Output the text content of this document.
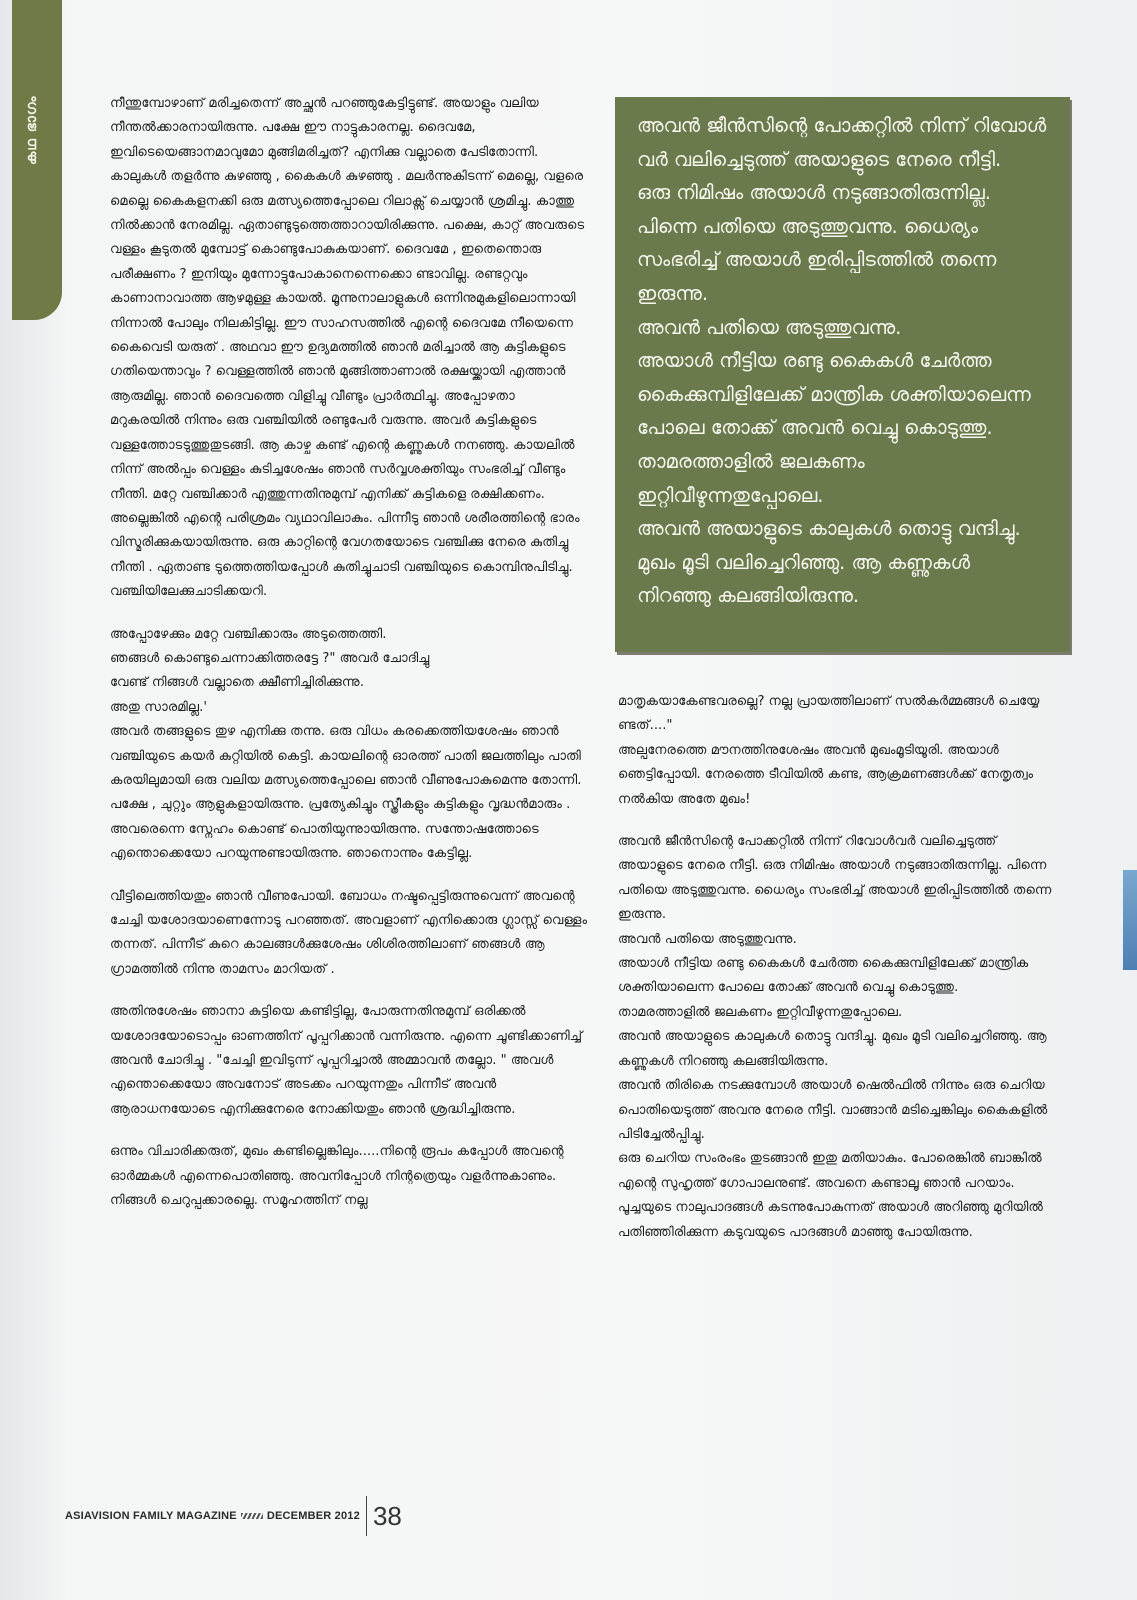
കഥ ഭാഗം	നീന്തുമ്പോഴാണ് മരിച്ചതെന്ന് അച്ഛൻ പറഞ്ഞുകേട്ടിട്ടുണ്ട്. അയാളും വലിയ നീന്തൽക്കാരനായിരുന്നു. പക്ഷേ ഈ നാട്ടുകാരനല്ല. ദൈവമേ, ഇവിടെയെങ്ങാനമാവുമോ മുങ്ങിമരിച്ചത്? എനിക്കു വല്ലാതെ പേടിതോന്നി. കാലുകൾ തളർന്നു കുഴഞ്ഞു , കൈകൾ കുഴഞ്ഞു . മലർന്നുകിടന്ന് മെല്ലെ, വളരെ മെല്ലെ കൈകളനക്കി ഒരു മത്സ്യത്തെപ്പോലെ റിലാക്സ് ചെയ്യാൻ ശ്രമിച്ചു. കാത്തു നിൽക്കാൻ നേരമില്ല. ഏതാണ്ടുടുത്തെത്താറായിരിക്കുന്നു. പക്ഷെ, കാറ്റ് അവരുടെ വള്ളം കൂടുതൽ മുമ്പോട്ട് കൊണ്ടുപോകുകയാണ്. ദൈവമേ , ഇതെന്തൊരു പരീക്ഷണം ? ഇനിയും മുന്നോട്ടുപോകാനെന്നെക്കൊ ണ്ടാവില്ല. രണ്ടറ്റവും കാണാനാവാത്ത ആഴമുള്ള കായൽ. മൂന്നുനാലാളുകൾ ഒന്നിനുമുകളിലൊന്നായി നിന്നാൽ പോലും നിലകിട്ടില്ല. ഈ സാഹസത്തിൽ എന്റെ ദൈവമേ നീയെന്നെ കൈവെടി യരുത് . അഥവാ ഈ ഉദ്യമത്തിൽ ഞാൻ മരിച്ചാൽ ആ കുട്ടികളുടെ ഗതിയെന്താവും ? വെള്ളത്തിൽ ഞാൻ മുങ്ങിത്താണാൽ രക്ഷയ്ക്കായി എത്താൻ ആരുമില്ല. ഞാൻ ദൈവത്തെ വിളിച്ചു വീണ്ടും പ്രാർത്ഥിച്ചു. അപ്പോഴതാ മറുകരയിൽ നിന്നും ഒരു വഞ്ചിയിൽ രണ്ടുപേർ വരുന്നു. അവർ കുട്ടികളുടെ വള്ളത്തോടടുത്തുതുടങ്ങി. ആ കാഴ്ച കണ്ട് എന്റെ കണ്ണുകൾ നനഞ്ഞു. കായലിൽ നിന്ന് അൽപ്പം വെള്ളം കുടിച്ചശേഷം ഞാൻ സർവ്വശക്തിയും സംഭരിച്ച് വീണ്ടും നീന്തി. മറ്റേ വഞ്ചിക്കാർ എത്തുന്നതിനുമുമ്പ് എനിക്ക് കുട്ടികളെ രക്ഷിക്കണം. അല്ലെങ്കിൽ എന്റെ പരിശ്രമം വ്യഥാവിലാകും. പിന്നീടു ഞാൻ ശരീരത്തിന്റെ ഭാരം വിസ്മരിക്കുകയായിരുന്നു. ഒരു കാറ്റിന്റെ വേഗതയോടെ വഞ്ചിക്കു നേരെ കുതിച്ചു നീന്തി . ഏതാണ്ട ടുത്തെത്തിയപ്പോൾ കുതിച്ചുചാടി വഞ്ചിയുടെ കൊമ്പിനുപിടിച്ചു. വഞ്ചിയിലേക്കുചാടിക്കയറി.

അപ്പോഴേക്കും മറ്റേ വഞ്ചിക്കാരും അടുത്തെത്തി.
ഞങ്ങൾ കൊണ്ടുചെന്നാക്കിത്തരട്ടേ ?" അവർ ചോദിച്ചു
വേണ്ട് നിങ്ങൾ വല്ലാതെ ക്ഷീണിച്ചിരിക്കുന്നു.
അതു സാരമില്ല.'
അവർ തങ്ങളുടെ തുഴ എനിക്കു തന്നു. ഒരു വിധം കരക്കെത്തിയശേഷം ഞാൻ വഞ്ചിയുടെ കയർ കുറ്റിയിൽ കെട്ടി. കായലിന്റെ ഓരത്ത് പാതി ജലത്തിലും പാതി കരയിലുമായി ഒരു വലിയ മത്സ്യത്തെപ്പോലെ ഞാൻ വീണുപോകുമെന്നു തോന്നി. പക്ഷേ , ചുറ്റും ആളുകളായിരുന്നു. പ്രത്യേകിച്ചും സ്ത്രീകളും കുട്ടികളും വൃദ്ധൻമാരും . അവരെന്നെ സ്നേഹം കൊണ്ട് പൊതിയുന്നുായിരുന്നു. സന്തോഷത്തോടെ എന്തൊക്കെയോ പറയുന്നുണ്ടായിരുന്നു. ഞാനൊന്നും കേട്ടില്ല.

വീട്ടിലെത്തിയതും ഞാൻ വീണുപോയി. ബോധം നഷ്ടപ്പെട്ടിരുന്നുവെന്ന് അവന്റെ ചേച്ചി യശോദയാണെന്നോടു പറഞ്ഞത്. അവളാണ് എനിക്കൊരു ഗ്ലാസ്സ് വെള്ളം തന്നത്. പിന്നീട് കുറെ കാലങ്ങൾക്കുശേഷം ശിശിരത്തിലാണ് ഞങ്ങൾ ആ ഗ്രാമത്തിൽ നിന്നു താമസം മാറിയത് .

അതിനുശേഷം ഞാനാ കുട്ടിയെ കണ്ടിട്ടില്ല, പോരുന്നതിനുമുമ്പ് ഒരിക്കൽ യശോദയോടൊപ്പം ഓണത്തിന് പൂപ്പറിക്കാൻ വന്നിരുന്നു. എന്നെ ചൂണ്ടിക്കാണിച്ച് അവൻ ചോദിച്ചു . "ചേച്ചി ഇവിടുന്ന് പൂപ്പറിച്ചാൽ അമ്മാവൻ തല്ലോ. " അവൾ എന്തൊക്കെയോ അവനോട് അടക്കം പറയുന്നതും പിന്നീട് അവൻ ആരാധനയോടെ എനിക്കുനേരെ നോക്കിയതും ഞാൻ ശ്രദ്ധിച്ചിരുന്നു.

ഒന്നും വിചാരിക്കരുത്, മുഖം കണ്ടില്ലെങ്കിലും.....നിന്റെ രൂപം കപ്പോൾ അവന്റെ ഓർമ്മകൾ എന്നെപൊതിഞ്ഞു. അവനിപ്പോൾ നിന്റത്രെയും വളർന്നുകാണും. നിങ്ങൾ ചെറുപ്പക്കാരല്ലെ. സമൂഹത്തിന് നല്ല

അവൻ ജീൻസിന്റെ പോക്കറ്റിൽ നിന്ന് റിവോൾ
വർ വലിച്ചെടുത്ത് അയാളുടെ നേരെ നീട്ടി.
ഒരു നിമിഷം അയാൾ നടുങ്ങാതിരുന്നില്ല.
പിന്നെ പതിയെ അടുത്തുവന്നു. ധൈര്യം
സംഭരിച്ച് അയാൾ ഇരിപ്പിടത്തിൽ തന്നെ
ഇരുന്നു.
അവൻ പതിയെ അടുത്തുവന്നു.
അയാൾ നീട്ടിയ രണ്ടു കൈകൾ ചേർത്ത
കൈക്കുമ്പിളിലേക്ക് മാന്ത്രിക ശക്തിയാലെന്ന
പോലെ തോക്ക് അവൻ വെച്ചു കൊടുത്തു.
താമരത്താളിൽ ജലകണം
ഇറ്റിവീഴുന്നതുപ്പോലെ.
അവൻ അയാളുടെ കാലുകൾ തൊട്ടു വന്ദിച്ചു.
മുഖം മൂടി വലിച്ചെറിഞ്ഞു. ആ കണ്ണുകൾ
നിറഞ്ഞു കലങ്ങിയിരുന്നു.

മാതൃകയാകേണ്ടവരല്ലെ? നല്ല പ്രായത്തിലാണ് സൽകർമ്മങ്ങൾ ചെയ്യേ ണ്ടത്...."
അല്പനേരത്തെ മൗനത്തിനുശേഷം അവൻ മുഖംമൂടിയൂരി. അയാൾ ഞെട്ടിപ്പോയി. നേരത്തെ ടീവിയിൽ കണ്ട, ആക്രമണങ്ങൾക്ക് നേതൃത്വം നൽകിയ അതേ മുഖം!

അവൻ ജീൻസിന്റെ പോക്കറ്റിൽ നിന്ന് റിവോൾവർ വലിച്ചെടുത്ത് അയാളുടെ നേരെ നീട്ടി. ഒരു നിമിഷം അയാൾ നടുങ്ങാതിരുന്നില്ല. പിന്നെ പതിയെ അടുത്തുവന്നു. ധൈര്യം സംഭരിച്ച് അയാൾ ഇരിപ്പിടത്തിൽ തന്നെ ഇരുന്നു.
അവൻ പതിയെ അടുത്തുവന്നു.
അയാൾ നീട്ടിയ രണ്ടു കൈകൾ ചേർത്ത കൈക്കുമ്പിളിലേക്ക് മാന്ത്രിക ശക്തിയാലെന്ന പോലെ തോക്ക് അവൻ വെച്ചു കൊടുത്തു.
താമരത്താളിൽ ജലകണം ഇറ്റിവീഴുന്നതുപ്പോലെ.
അവൻ അയാളുടെ കാലുകൾ തൊട്ടു വന്ദിച്ചു. മുഖം മൂടി വലിച്ചെറിഞ്ഞു. ആ കണ്ണുകൾ നിറഞ്ഞു കലങ്ങിയിരുന്നു.
അവൻ തിരികെ നടക്കുമ്പോൾ അയാൾ ഷെൽഫിൽ നിന്നും ഒരു ചെറിയ പൊതിയെടുത്ത് അവനു നേരെ നീട്ടി. വാങ്ങാൻ മടിച്ചെങ്കിലും കൈകളിൽ പിടിച്ചേൽപ്പിച്ചു.
ഒരു ചെറിയ സംരംഭം തുടങ്ങാൻ ഇതു മതിയാകും. പോരെങ്കിൽ ബാങ്കിൽ എന്റെ സുഹൃത്ത് ഗോപാലനുണ്ട്. അവനെ കണ്ടാലൂ ഞാൻ പറയാം.
പൂച്ചയുടെ നാലുപാദങ്ങൾ കടന്നുപോകുന്നത് അയാൾ അറിഞ്ഞു മുറിയിൽ പതിഞ്ഞിരിക്കുന്ന കടുവയുടെ പാദങ്ങൾ മാഞ്ഞു പോയിരുന്നു.

ASIAVISION FAMILY MAGAZINE	DECEMBER 2012 38
